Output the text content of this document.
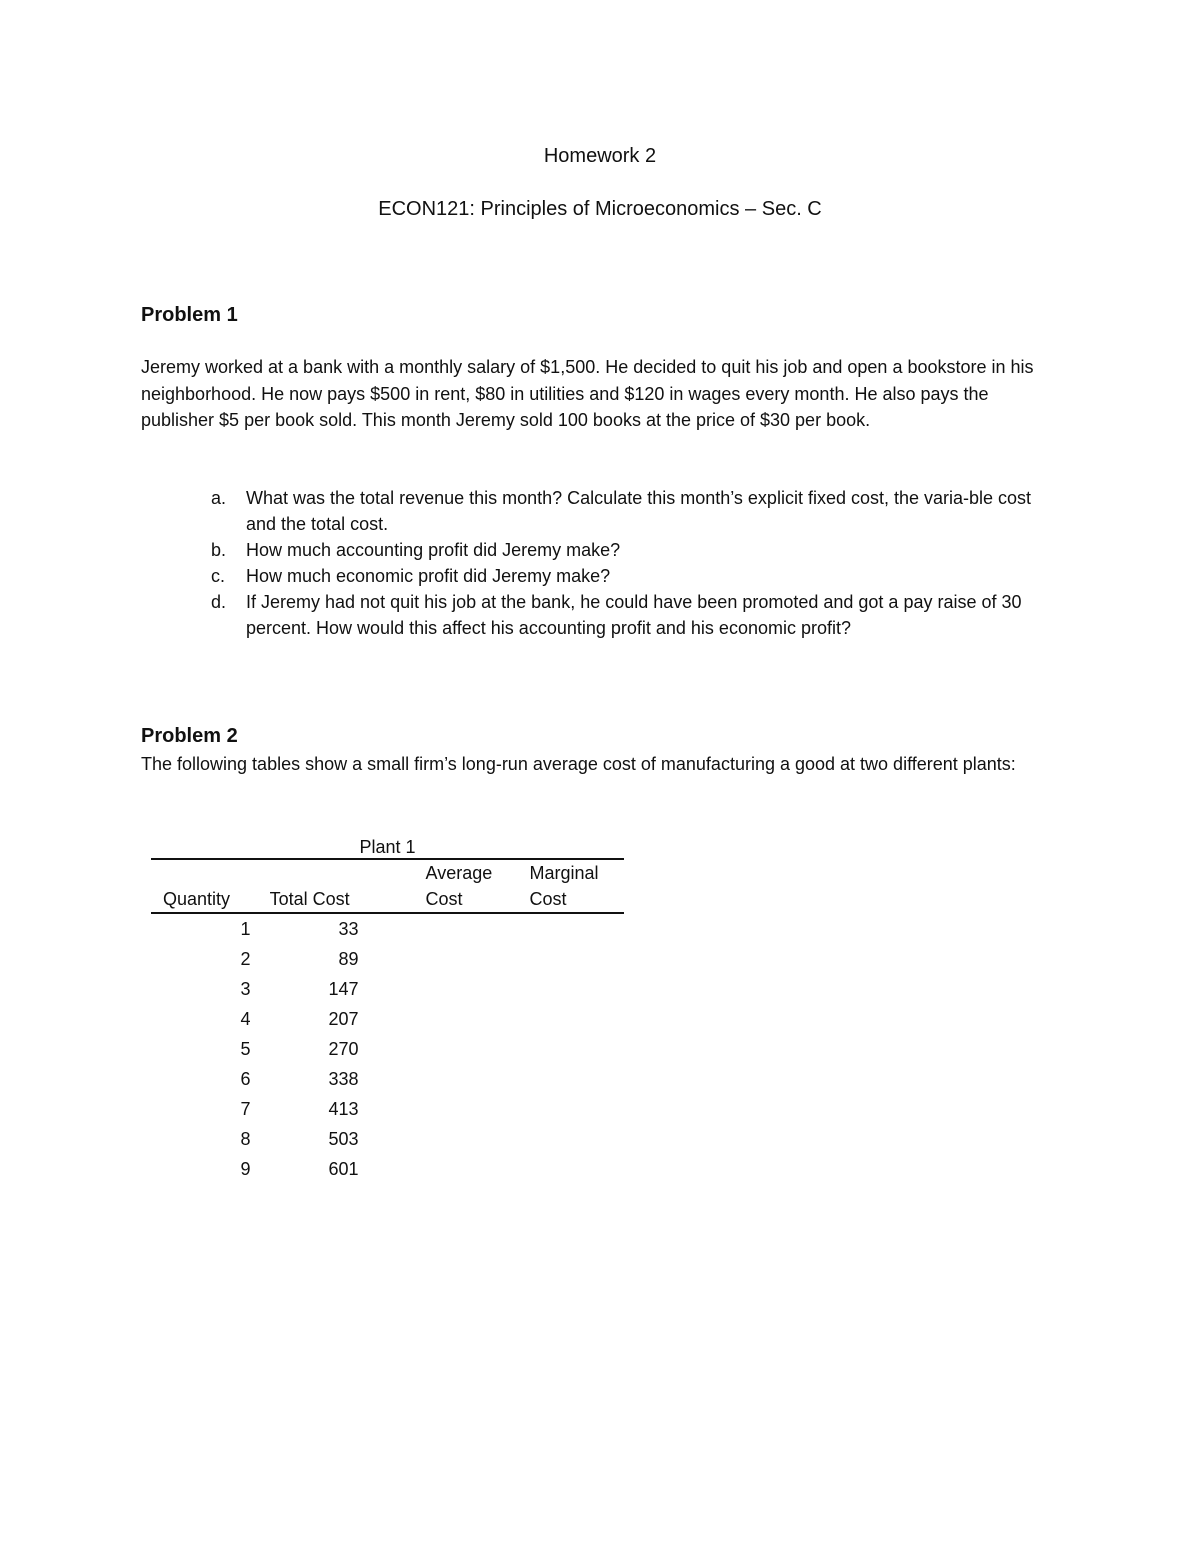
Homework 2
ECON121: Principles of Microeconomics – Sec. C
Problem 1
Jeremy worked at a bank with a monthly salary of $1,500. He decided to quit his job and open a bookstore in his neighborhood. He now pays $500 in rent, $80 in utilities and $120 in wages every month. He also pays the publisher $5 per book sold. This month Jeremy sold 100 books at the price of $30 per book.
a. What was the total revenue this month? Calculate this month’s explicit fixed cost, the varia-ble cost and the total cost.
b. How much accounting profit did Jeremy make?
c. How much economic profit did Jeremy make?
d. If Jeremy had not quit his job at the bank, he could have been promoted and got a pay raise of 30 percent. How would this affect his accounting profit and his economic profit?
Problem 2
The following tables show a small firm’s long-run average cost of manufacturing a good at two different plants:
Plant 1
		Average	Marginal
Quantity	Total Cost	Cost	Cost
1	33		
2	89		
3	147		
4	207		
5	270		
6	338		
7	413		
8	503		
9	601		
